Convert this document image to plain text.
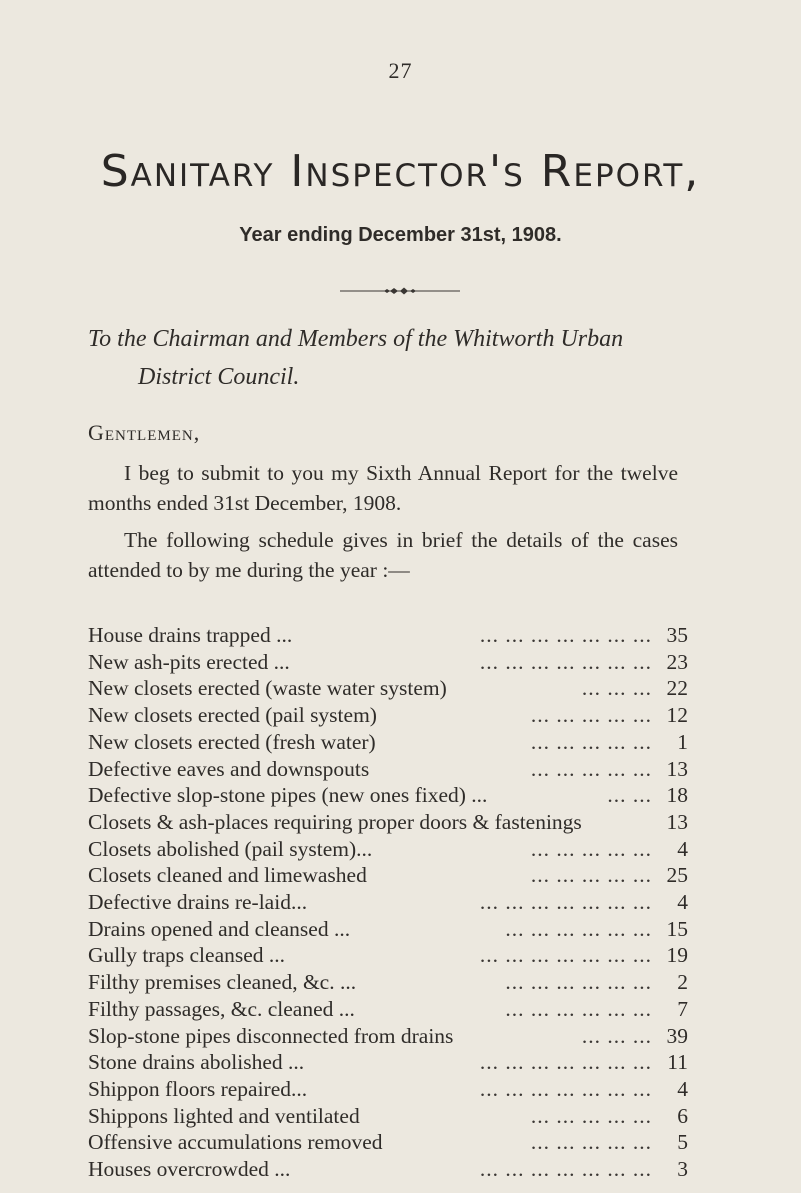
27
Sanitary Inspector's Report,
Year ending December 31st, 1908.
To the Chairman and Members of the Whitworth Urban
District Council.
Gentlemen,
I beg to submit to you my Sixth Annual Report for the twelve months ended 31st December, 1908.
The following schedule gives in brief the details of the cases attended to by me during the year :—
House drains trapped ...	... ... ... ... ... ... ... 35
New ash-pits erected ...	... ... ... ... ... ... ... 23
New closets erected (waste water system)	... ... ... 22
New closets erected (pail system)	... ... ... ... ... 12
New closets erected (fresh water)	... ... ... ... ...	1
Defective eaves and downspouts	... ... ... ... ... 13
Defective slop-stone pipes (new ones fixed) ...	... ... 18
Closets & ash-places requiring proper doors & fastenings	13
Closets abolished (pail system)...	... ... ... ... ...	4
Closets cleaned and limewashed	... ... ... ... ... 25
Defective drains re-laid...	... ... ... ... ... ... ...	4
Drains opened and cleansed ...	... ... ... ... ... ... 15
Gully traps cleansed ...	... ... ... ... ... ... ... 19
Filthy premises cleaned, &c. ...	... ... ... ... ... ...	2
Filthy passages, &c. cleaned ...	... ... ... ... ... ...	7
Slop-stone pipes disconnected from drains	... ... ... 39
Stone drains abolished ...	... ... ... ... ... ... ... 11
Shippon floors repaired...	... ... ... ... ... ... ...	4
Shippons lighted and ventilated	... ... ... ... ...	6
Offensive accumulations removed	... ... ... ... ...	5
Houses overcrowded ...	... ... ... ... ... ... ...	3
